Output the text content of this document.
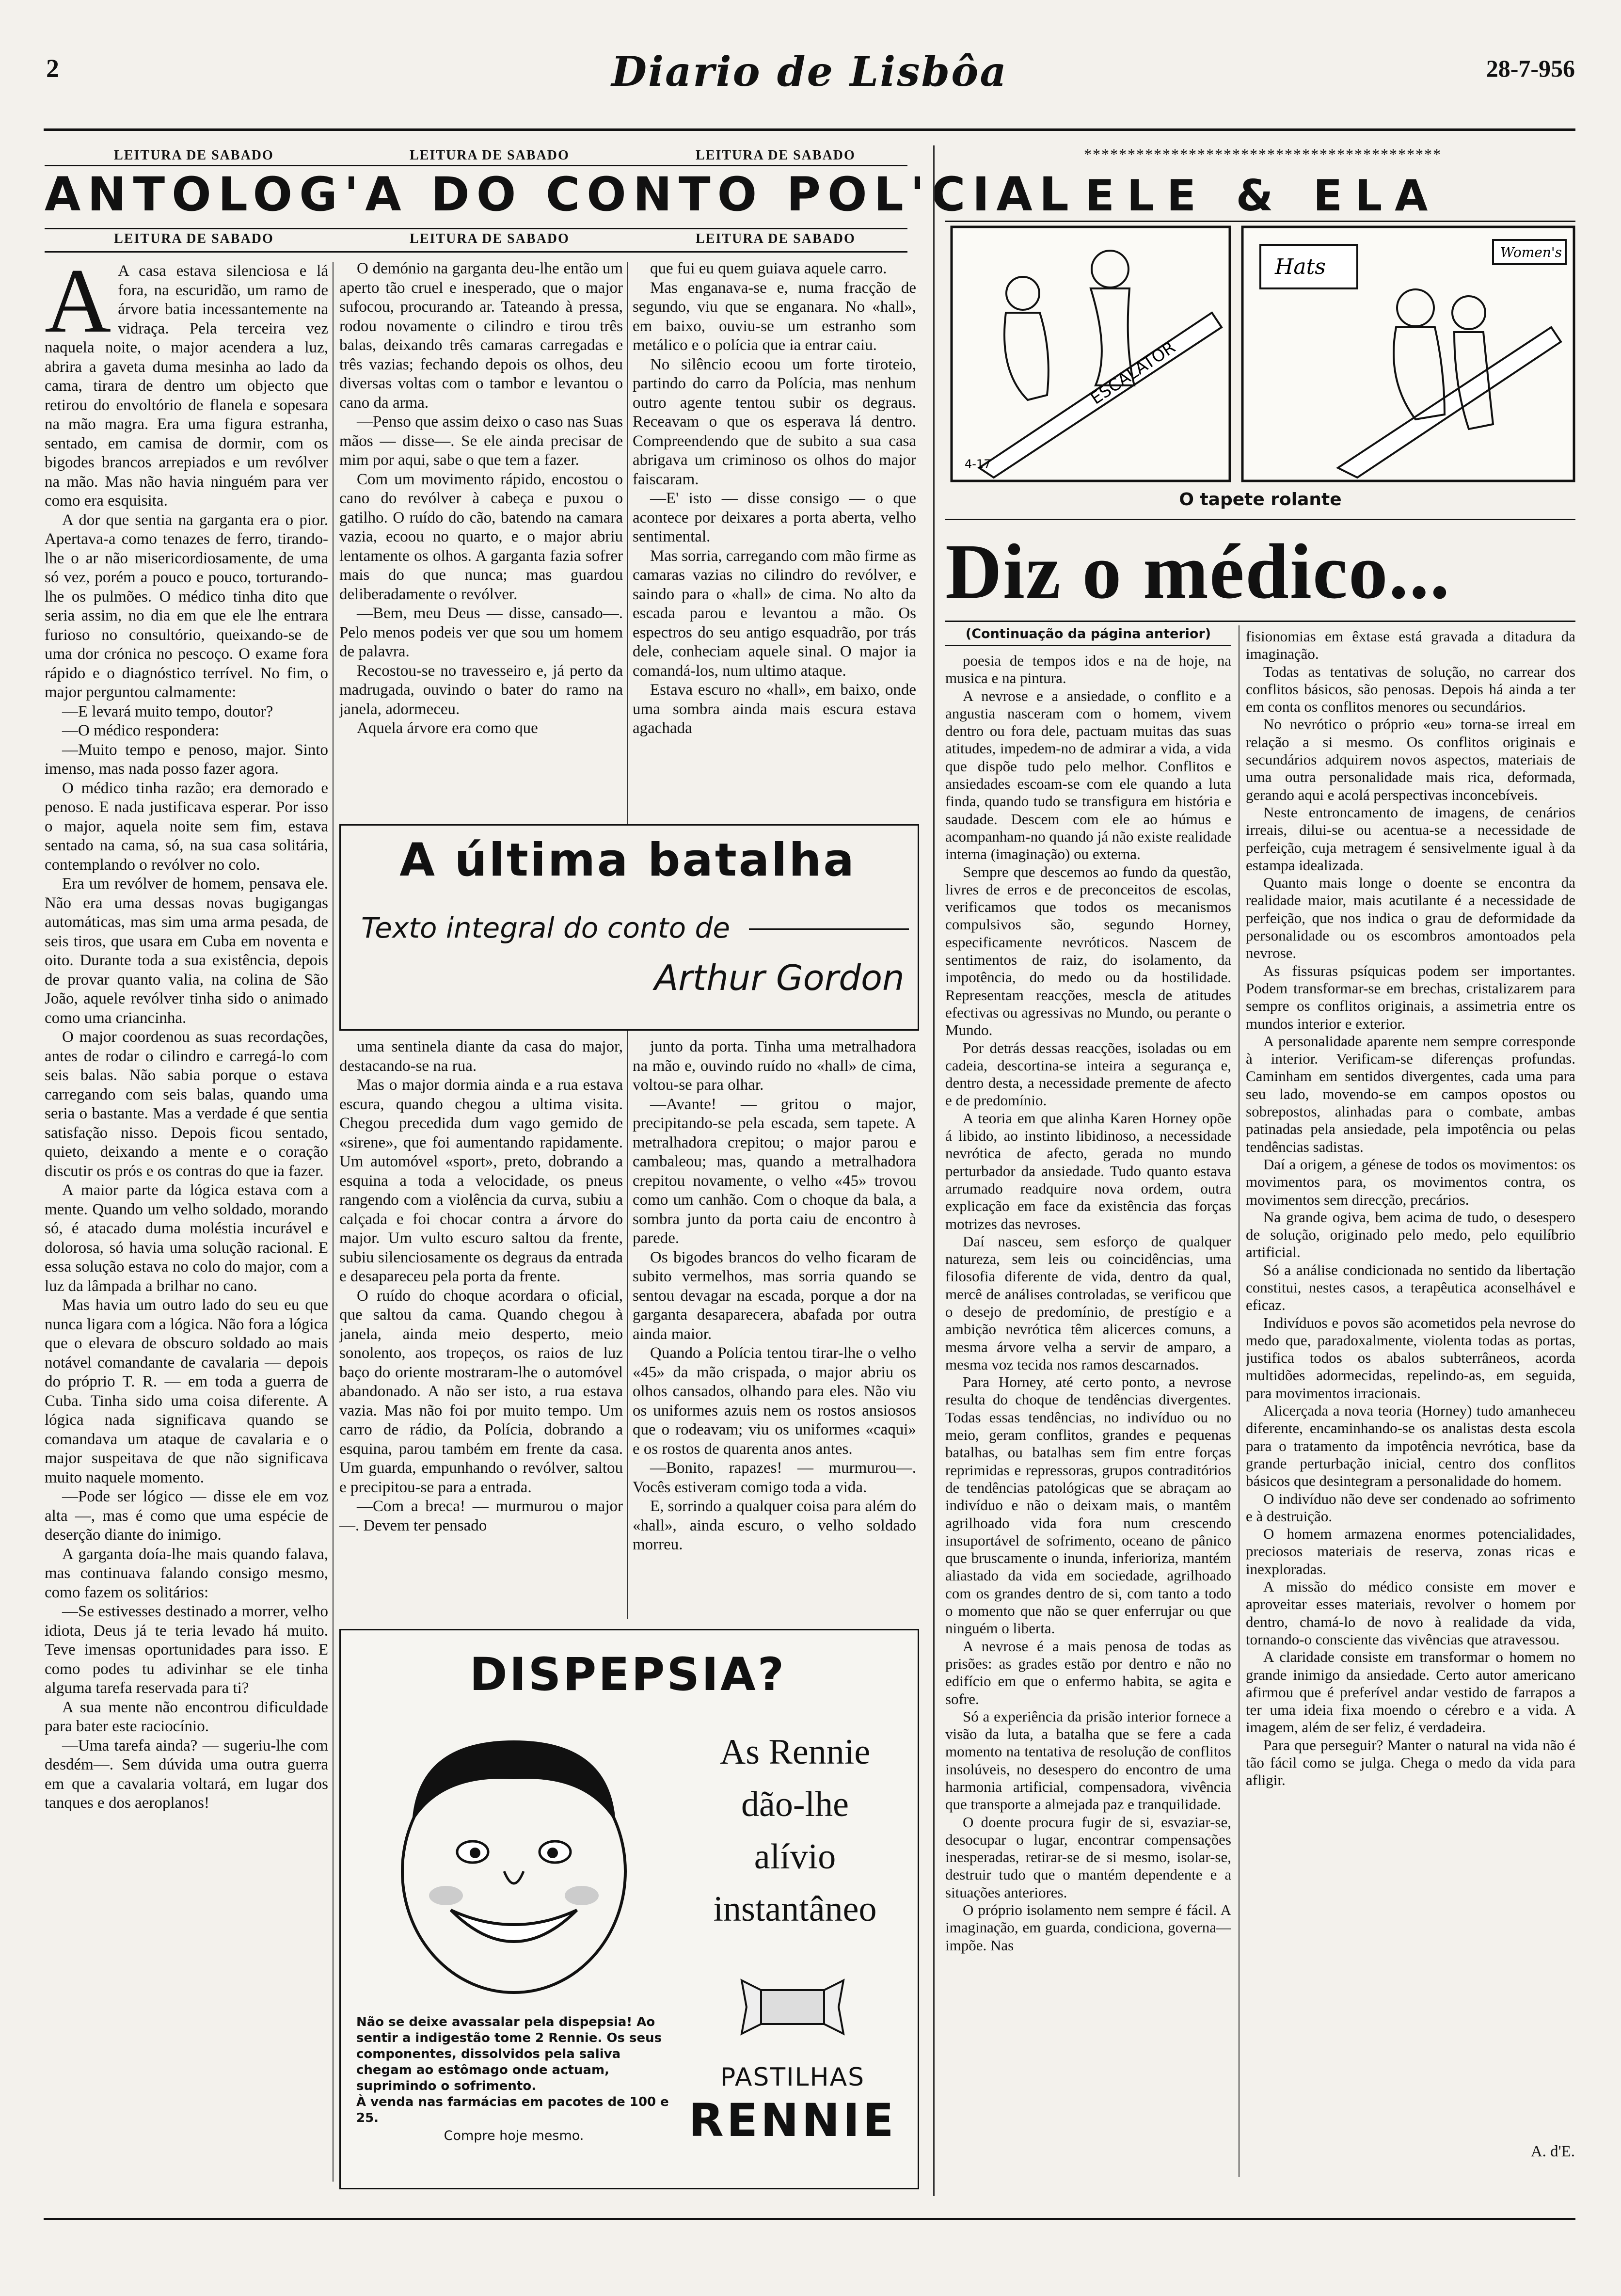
2	Diario de Lisbôa	28-7-956
LEITURA DE SABADO	LEITURA DE SABADO	LEITURA DE SABADO
ANTOLOG'A DO CONTO POL'CIAL
LEITURA DE SABADO	LEITURA DE SABADO	LEITURA DE SABADO

A A casa estava silenciosa e lá fora, na escuridão, um ramo de árvore batia incessantemente na vidraça. Pela terceira vez naquela noite, o major acendera a luz, abrira a gaveta duma mesinha ao lado da cama, tirara de dentro um objecto que retirou do envoltório de flanela e sopesara na mão magra. Era uma figura estranha, sentado, em camisa de dormir, com os bigodes brancos arrepiados e um revólver na mão. Mas não havia ninguém para ver como era esquisita.

A dor que sentia na garganta era o pior. Apertava-a como tenazes de ferro, tirando-lhe o ar não misericordiosamente, de uma só vez, porém a pouco e pouco, torturando-lhe os pulmões. O médico tinha dito que seria assim, no dia em que ele lhe entrara furioso no consultório, queixando-se de uma dor crónica no pescoço. O exame fora rápido e o diagnóstico terrível. No fim, o major perguntou calmamente:

—E levará muito tempo, doutor?

—O médico respondera:

—Muito tempo e penoso, major. Sinto imenso, mas nada posso fazer agora.

O médico tinha razão; era demorado e penoso. E nada justificava esperar. Por isso o major, aquela noite sem fim, estava sentado na cama, só, na sua casa solitária, contemplando o revólver no colo.

Era um revólver de homem, pensava ele. Não era uma dessas novas bugigangas automáticas, mas sim uma arma pesada, de seis tiros, que usara em Cuba em noventa e oito. Durante toda a sua existência, depois de provar quanto valia, na colina de São João, aquele revólver tinha sido o animado como uma criancinha.

O major coordenou as suas recordações, antes de rodar o cilindro e carregá-lo com seis balas. Não sabia porque o estava carregando com seis balas, quando uma seria o bastante. Mas a verdade é que sentia satisfação nisso. Depois ficou sentado, quieto, deixando a mente e o coração discutir os prós e os contras do que ia fazer.

A maior parte da lógica estava com a mente. Quando um velho soldado, morando só, é atacado duma moléstia incurável e dolorosa, só havia uma solução racional. E essa solução estava no colo do major, com a luz da lâmpada a brilhar no cano.

Mas havia um outro lado do seu eu que nunca ligara com a lógica. Não fora a lógica que o elevara de obscuro soldado ao mais notável comandante de cavalaria — depois do próprio T. R. — em toda a guerra de Cuba. Tinha sido uma coisa diferente. A lógica nada significava quando se comandava um ataque de cavalaria e o major suspeitava de que não significava muito naquele momento.

—Pode ser lógico — disse ele em voz alta —, mas é como que uma espécie de deserção diante do inimigo.

A garganta doía-lhe mais quando falava, mas continuava falando consigo mesmo, como fazem os solitários:

—Se estivesses destinado a morrer, velho idiota, Deus já te teria levado há muito. Teve imensas oportunidades para isso. E como podes tu adivinhar se ele tinha alguma tarefa reservada para ti?

A sua mente não encontrou dificuldade para bater este raciocínio.

—Uma tarefa ainda? — sugeriu-lhe com desdém—. Sem dúvida uma outra guerra em que a cavalaria voltará, em lugar dos tanques e dos aeroplanos!

O demónio na garganta deu-lhe então um aperto tão cruel e inesperado, que o major sufocou, procurando ar. Tateando à pressa, rodou novamente o cilindro e tirou três balas, deixando três camaras carregadas e três vazias; fechando depois os olhos, deu diversas voltas com o tambor e levantou o cano da arma.

—Penso que assim deixo o caso nas Suas mãos — disse—. Se ele ainda precisar de mim por aqui, sabe o que tem a fazer.

Com um movimento rápido, encostou o cano do revólver à cabeça e puxou o gatilho. O ruído do cão, batendo na camara vazia, ecoou no quarto, e o major abriu lentamente os olhos. A garganta fazia sofrer mais do que nunca; mas guardou deliberadamente o revólver.

—Bem, meu Deus — disse, cansado—. Pelo menos podeis ver que sou um homem de palavra.

Recostou-se no travesseiro e, já perto da madrugada, ouvindo o bater do ramo na janela, adormeceu.

Aquela árvore era como que

que fui eu quem guiava aquele carro.

Mas enganava-se e, numa fracção de segundo, viu que se enganara. No «hall», em baixo, ouviu-se um estranho som metálico e o polícia que ia entrar caiu.

No silêncio ecoou um forte tiroteio, partindo do carro da Polícia, mas nenhum outro agente tentou subir os degraus. Receavam o que os esperava lá dentro. Compreendendo que de subito a sua casa abrigava um criminoso os olhos do major faiscaram.

—E' isto — disse consigo — o que acontece por deixares a porta aberta, velho sentimental.

Mas sorria, carregando com mão firme as camaras vazias no cilindro do revólver, e saindo para o «hall» de cima. No alto da escada parou e levantou a mão. Os espectros do seu antigo esquadrão, por trás dele, conheciam aquele sinal. O major ia comandá-los, num ultimo ataque.

Estava escuro no «hall», em baixo, onde uma sombra ainda mais escura estava agachada

A última batalha
Texto integral do conto de
Arthur Gordon

uma sentinela diante da casa do major, destacando-se na rua.

Mas o major dormia ainda e a rua estava escura, quando chegou a ultima visita. Chegou precedida dum vago gemido de «sirene», que foi aumentando rapidamente. Um automóvel «sport», preto, dobrando a esquina a toda a velocidade, os pneus rangendo com a violência da curva, subiu a calçada e foi chocar contra a árvore do major. Um vulto escuro saltou da frente, subiu silenciosamente os degraus da entrada e desapareceu pela porta da frente.

O ruído do choque acordara o oficial, que saltou da cama. Quando chegou à janela, ainda meio desperto, meio sonolento, aos tropeços, os raios de luz baço do oriente mostraram-lhe o automóvel abandonado. A não ser isto, a rua estava vazia. Mas não foi por muito tempo. Um carro de rádio, da Polícia, dobrando a esquina, parou também em frente da casa. Um guarda, empunhando o revólver, saltou e precipitou-se para a entrada.

—Com a breca! — murmurou o major—. Devem ter pensado

junto da porta. Tinha uma metralhadora na mão e, ouvindo ruído no «hall» de cima, voltou-se para olhar.

—Avante! — gritou o major, precipitando-se pela escada, sem tapete. A metralhadora crepitou; o major parou e cambaleou; mas, quando a metralhadora crepitou novamente, o velho «45» trovou como um canhão. Com o choque da bala, a sombra junto da porta caiu de encontro à parede.

Os bigodes brancos do velho ficaram de subito vermelhos, mas sorria quando se sentou devagar na escada, porque a dor na garganta desaparecera, abafada por outra ainda maior.

Quando a Polícia tentou tirar-lhe o velho «45» da mão crispada, o major abriu os olhos cansados, olhando para eles. Não viu os uniformes azuis nem os rostos ansiosos que o rodeavam; viu os uniformes «caqui» e os rostos de quarenta anos antes.

—Bonito, rapazes! — murmurou—. Vocês estiveram comigo toda a vida.

E, sorrindo a qualquer coisa para além do «hall», ainda escuro, o velho soldado morreu.

DISPEPSIA?
As Rennie
dão-lhe
alívio
instantâneo
Não se deixe avassalar pela dispepsia! Ao sentir a indigestão tome 2 Rennie. Os seus componentes, dissolvidos pela saliva chegam ao estômago onde actuam, suprimindo o sofrimento.
À venda nas farmácias em pacotes de 100 e 25.
Compre hoje mesmo.
PASTILHAS
RENNIE
*****************************************
ELE & ELA
ESCALATOR
4-17
Hats
Women's
O tapete rolante
Diz o médico...
(Continuação da página anterior)

poesia de tempos idos e na de hoje, na musica e na pintura.

A nevrose e a ansiedade, o conflito e a angustia nasceram com o homem, vivem dentro ou fora dele, pactuam muitas das suas atitudes, impedem-no de admirar a vida, a vida que dispõe tudo pelo melhor. Conflitos e ansiedades escoam-se com ele quando a luta finda, quando tudo se transfigura em história e saudade. Descem com ele ao húmus e acompanham-no quando já não existe realidade interna (imaginação) ou externa.

Sempre que descemos ao fundo da questão, livres de erros e de preconceitos de escolas, verificamos que todos os mecanismos compulsivos são, segundo Horney, especificamente nevróticos. Nascem de sentimentos de raiz, do isolamento, da impotência, do medo ou da hostilidade. Representam reacções, mescla de atitudes efectivas ou agressivas no Mundo, ou perante o Mundo.

Por detrás dessas reacções, isoladas ou em cadeia, descortina-se inteira a segurança e, dentro desta, a necessidade premente de afecto e de predomínio.

A teoria em que alinha Karen Horney opõe á libido, ao instinto libidinoso, a necessidade nevrótica de afecto, gerada no mundo perturbador da ansiedade. Tudo quanto estava arrumado readquire nova ordem, outra explicação em face da existência das forças motrizes das nevroses.

Daí nasceu, sem esforço de qualquer natureza, sem leis ou coincidências, uma filosofia diferente de vida, dentro da qual, mercê de análises controladas, se verificou que o desejo de predomínio, de prestígio e a ambição nevrótica têm alicerces comuns, a mesma árvore velha a servir de amparo, a mesma voz tecida nos ramos descarnados.

Para Horney, até certo ponto, a nevrose resulta do choque de tendências divergentes. Todas essas tendências, no indivíduo ou no meio, geram conflitos, grandes e pequenas batalhas, ou batalhas sem fim entre forças reprimidas e repressoras, grupos contraditórios de tendências patológicas que se abraçam ao indivíduo e não o deixam mais, o mantêm agrilhoado vida fora num crescendo insuportável de sofrimento, oceano de pânico que bruscamente o inunda, inferioriza, mantém aliastado da vida em sociedade, agrilhoado com os grandes dentro de si, com tanto a todo o momento que não se quer enferrujar ou que ninguém o liberta.

A nevrose é a mais penosa de todas as prisões: as grades estão por dentro e não no edifício em que o enfermo habita, se agita e sofre.

Só a experiência da prisão interior fornece a visão da luta, a batalha que se fere a cada momento na tentativa de resolução de conflitos insolúveis, no desespero do encontro de uma harmonia artificial, compensadora, vivência que transporte a almejada paz e tranquilidade.

O doente procura fugir de si, esvaziar-se, desocupar o lugar, encontrar compensações inesperadas, retirar-se de si mesmo, isolar-se, destruir tudo que o mantém dependente e a situações anteriores.

O próprio isolamento nem sempre é fácil. A imaginação, em guarda, condiciona, governa—impõe. Nas

fisionomias em êxtase está gravada a ditadura da imaginação.

Todas as tentativas de solução, no carrear dos conflitos básicos, são penosas. Depois há ainda a ter em conta os conflitos menores ou secundários.

No nevrótico o próprio «eu» torna-se irreal em relação a si mesmo. Os conflitos originais e secundários adquirem novos aspectos, materiais de uma outra personalidade mais rica, deformada, gerando aqui e acolá perspectivas inconcebíveis.

Neste entroncamento de imagens, de cenários irreais, dilui-se ou acentua-se a necessidade de perfeição, cuja metragem é sensivelmente igual à da estampa idealizada.

Quanto mais longe o doente se encontra da realidade maior, mais acutilante é a necessidade de perfeição, que nos indica o grau de deformidade da personalidade ou os escombros amontoados pela nevrose.

As fissuras psíquicas podem ser importantes. Podem transformar-se em brechas, cristalizarem para sempre os conflitos originais, a assimetria entre os mundos interior e exterior.

A personalidade aparente nem sempre corresponde à interior. Verificam-se diferenças profundas. Caminham em sentidos divergentes, cada uma para seu lado, movendo-se em campos opostos ou sobrepostos, alinhadas para o combate, ambas patinadas pela ansiedade, pela impotência ou pelas tendências sadistas.

Daí a origem, a génese de todos os movimentos: os movimentos para, os movimentos contra, os movimentos sem direcção, precários.

Na grande ogiva, bem acima de tudo, o desespero de solução, originado pelo medo, pelo equilíbrio artificial.

Só a análise condicionada no sentido da libertação constitui, nestes casos, a terapêutica aconselhável e eficaz.

Indivíduos e povos são acometidos pela nevrose do medo que, paradoxalmente, violenta todas as portas, justifica todos os abalos subterrâneos, acorda multidões adormecidas, repelindo-as, em seguida, para movimentos irracionais.

Alicerçada a nova teoria (Horney) tudo amanheceu diferente, encaminhando-se os analistas desta escola para o tratamento da impotência nevrótica, base da grande perturbação inicial, centro dos conflitos básicos que desintegram a personalidade do homem.

O indivíduo não deve ser condenado ao sofrimento e à destruição.

O homem armazena enormes potencialidades, preciosos materiais de reserva, zonas ricas e inexploradas.

A missão do médico consiste em mover e aproveitar esses materiais, revolver o homem por dentro, chamá-lo de novo à realidade da vida, tornando-o consciente das vivências que atravessou.

A claridade consiste em transformar o homem no grande inimigo da ansiedade. Certo autor americano afirmou que é preferível andar vestido de farrapos a ter uma ideia fixa moendo o cérebro e a vida. A imagem, além de ser feliz, é verdadeira.

Para que perseguir? Manter o natural na vida não é tão fácil como se julga. Chega o medo da vida para afligir.

A. d'E.
